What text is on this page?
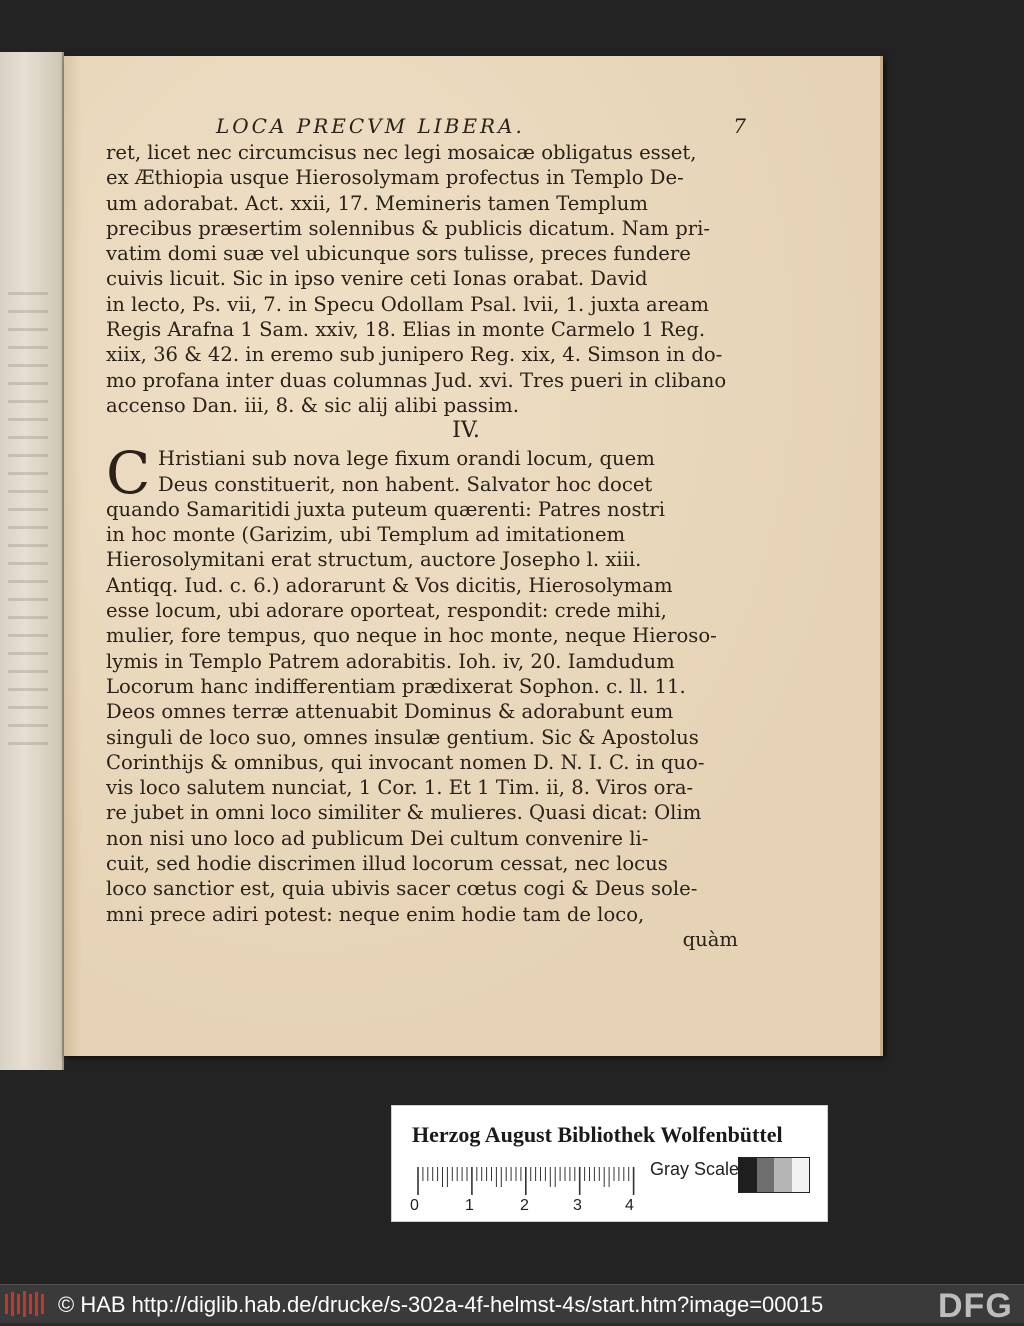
LOCA PRECVM LIBERA.	7
ret, licet nec circumcisus nec legi mosaicæ obligatus esset,
ex Æthiopia usque Hierosolymam profectus in Templo De-
um adorabat. Act. xxii, 17. Memineris tamen Templum
precibus præsertim solennibus & publicis dicatum. Nam pri-
vatim domi suæ vel ubicunque sors tulisse, preces fundere
cuivis licuit. Sic in ipso venire ceti Ionas orabat. David
in lecto, Ps. vii, 7. in Specu Odollam Psal. lvii, 1. juxta aream
Regis Arafna 1 Sam. xxiv, 18. Elias in monte Carmelo 1 Reg.
xiix, 36 & 42. in eremo sub junipero Reg. xix, 4. Simson in do-
mo profana inter duas columnas Jud. xvi. Tres pueri in clibano
accenso Dan. iii, 8. & sic alij alibi passim.
IV.
C Hristiani sub nova lege fixum orandi locum, quem
Deus constituerit, non habent. Salvator hoc docet
quando Samaritidi juxta puteum quærenti: Patres nostri
in hoc monte (Garizim, ubi Templum ad imitationem
Hierosolymitani erat structum, auctore Josepho l. xiii.
Antiqq. Iud. c. 6.) adorarunt & Vos dicitis, Hierosolymam
esse locum, ubi adorare oporteat, respondit: crede mihi,
mulier, fore tempus, quo neque in hoc monte, neque Hieroso-
lymis in Templo Patrem adorabitis. Ioh. iv, 20. Iamdudum
Locorum hanc indifferentiam prædixerat Sophon. c. ll. 11.
Deos omnes terræ attenuabit Dominus & adorabunt eum
singuli de loco suo, omnes insulæ gentium. Sic & Apostolus
Corinthijs & omnibus, qui invocant nomen D. N. I. C. in quo-
vis loco salutem nunciat, 1 Cor. 1. Et 1 Tim. ii, 8. Viros ora-
re jubet in omni loco similiter & mulieres. Quasi dicat: Olim
non nisi uno loco ad publicum Dei cultum convenire li-
cuit, sed hodie discrimen illud locorum cessat, nec locus
loco sanctior est, quia ubivis sacer cœtus cogi & Deus sole-
mni prece adiri potest: neque enim hodie tam de loco,
quàm
Herzog August Bibliothek Wolfenbüttel
0	1	2	3	4
Gray Scale
© HAB http://diglib.hab.de/drucke/s-302a-4f-helmst-4s/start.htm?image=00015	DFG
